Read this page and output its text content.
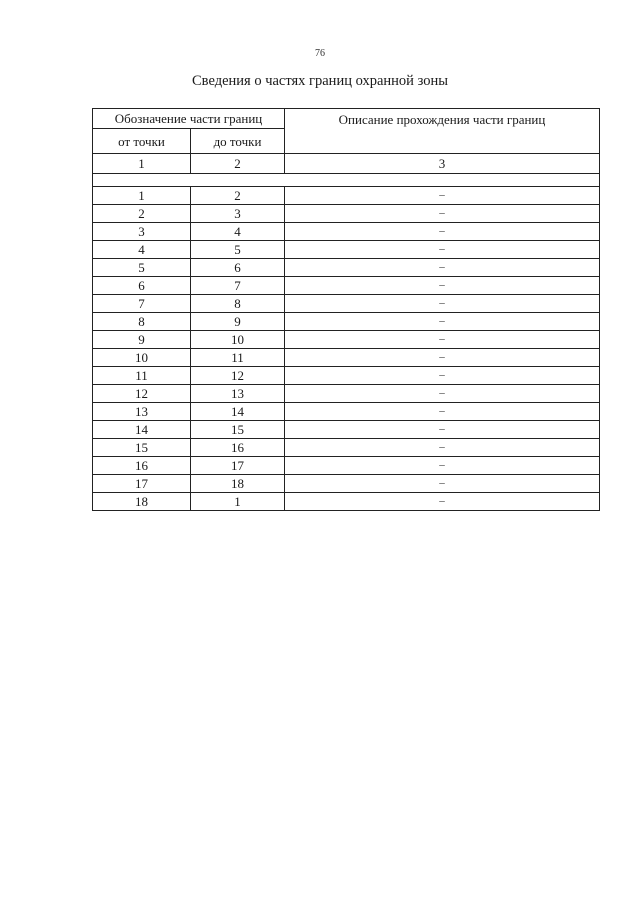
76
Сведения о частях границ охранной зоны
Обозначение части границ		Описание прохождения части границ
от точки	до точки	
1	2	3

1	2	–
2	3	–
3	4	–
4	5	–
5	6	–
6	7	–
7	8	–
8	9	–
9	10	–
10	11	–
11	12	–
12	13	–
13	14	–
14	15	–
15	16	–
16	17	–
17	18	–
18	1	–
